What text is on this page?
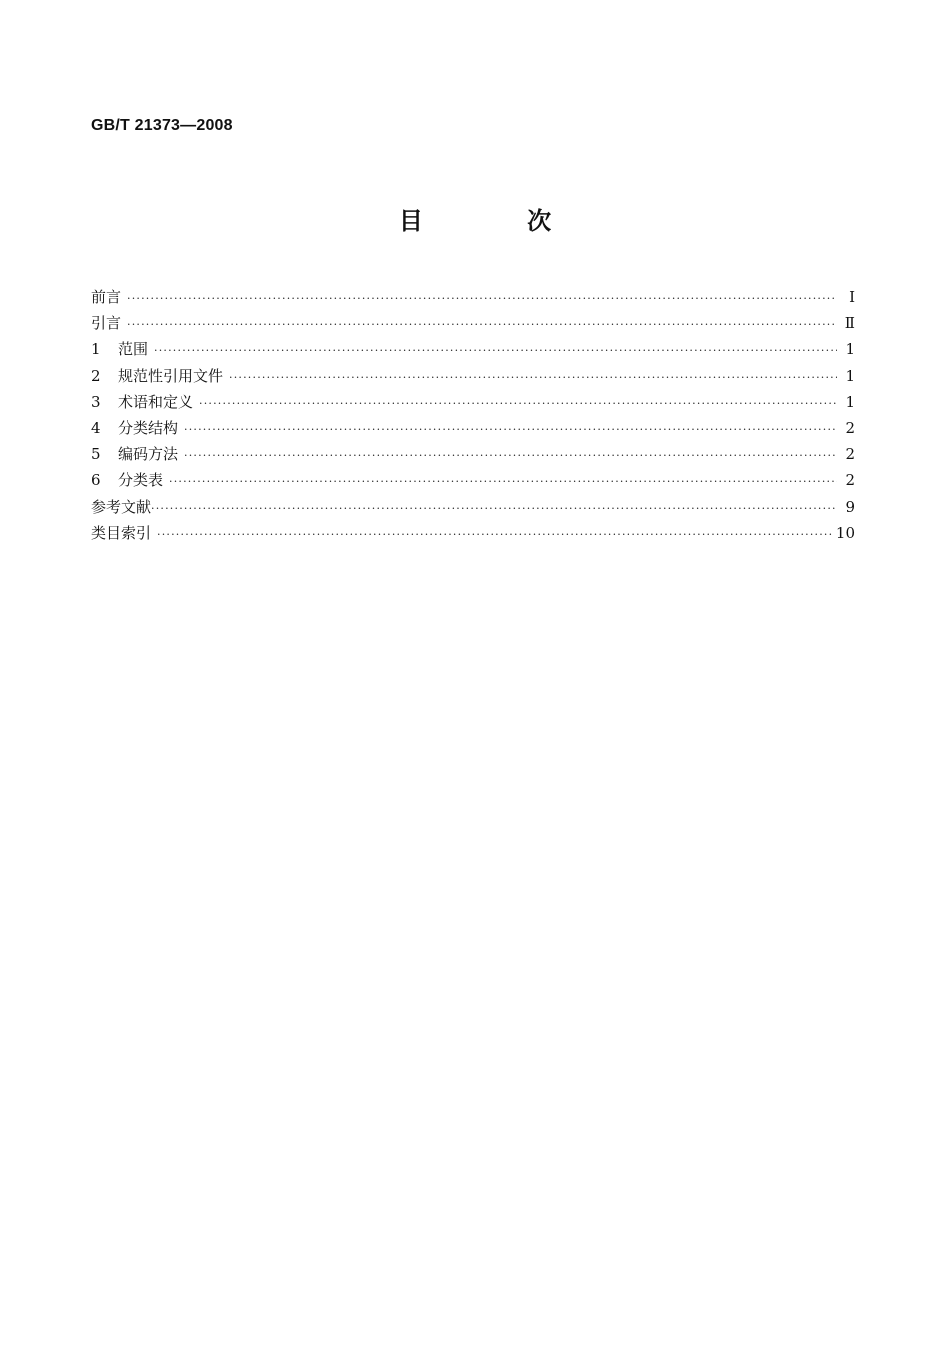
GB/T 21373—2008
目 次
前言 ·····	Ⅰ
引言 ·····	Ⅱ
1	范围 ·····	1
2	规范性引用文件 ·····	1
3	术语和定义 ·····	1
4	分类结构 ·····	2
5	编码方法 ·····	2
6	分类表 ·····	2
参考文献 ·····	9
类目索引 ·····	10
